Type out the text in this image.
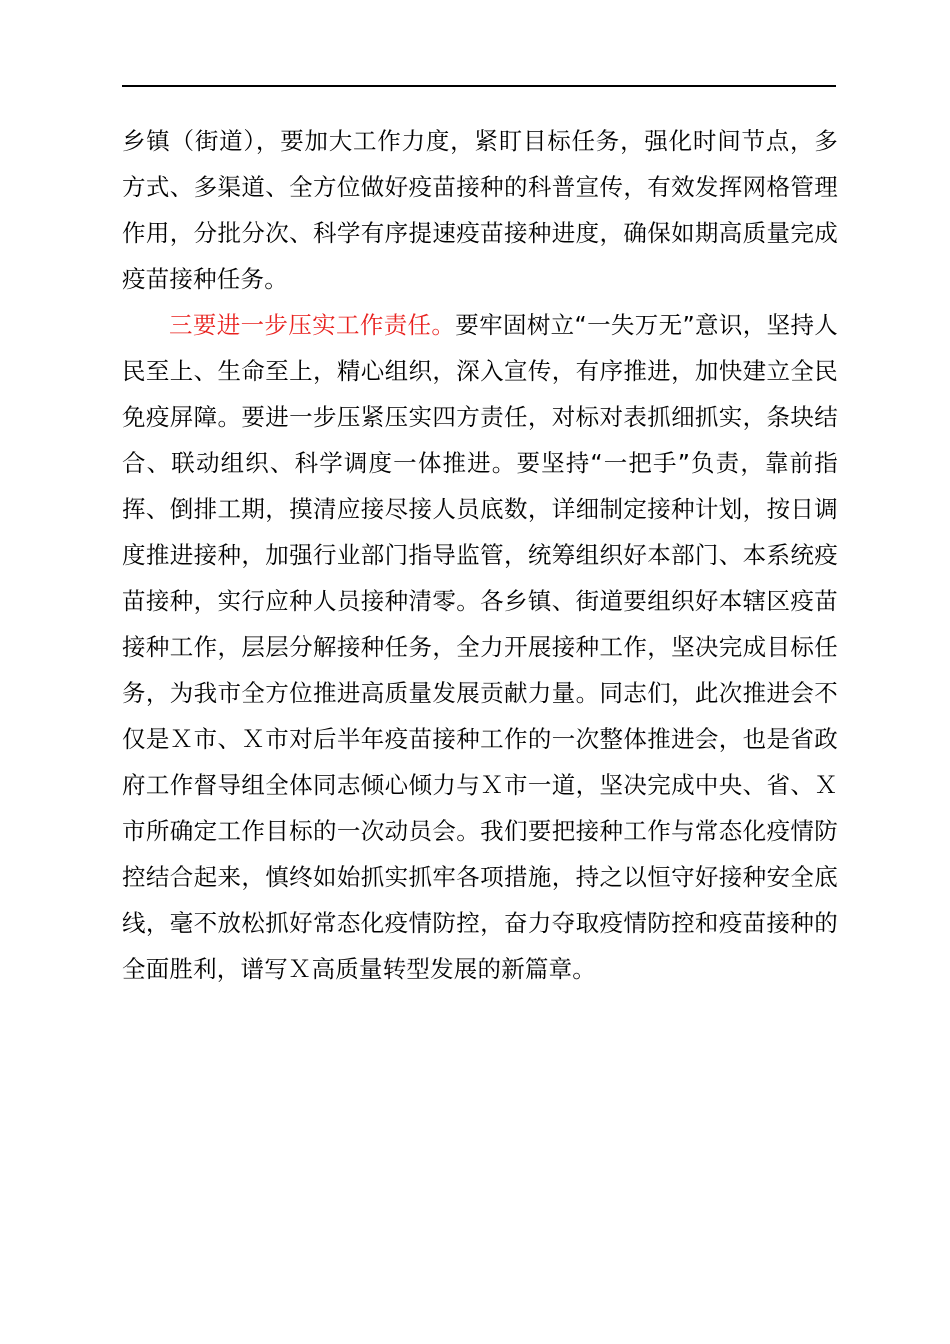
乡镇（街道），要加大工作力度，紧盯目标任务，强化时间节点，多方式、多渠道、全方位做好疫苗接种的科普宣传，有效发挥网格管理作用，分批分次、科学有序提速疫苗接种进度，确保如期高质量完成疫苗接种任务。

三要进一步压实工作责任。要牢固树立“一失万无”意识，坚持人民至上、生命至上，精心组织，深入宣传，有序推进，加快建立全民免疫屏障。要进一步压紧压实四方责任，对标对表抓细抓实，条块结合、联动组织、科学调度一体推进。要坚持“一把手”负责，靠前指挥、倒排工期，摸清应接尽接人员底数，详细制定接种计划，按日调度推进接种，加强行业部门指导监管，统筹组织好本部门、本系统疫苗接种，实行应种人员接种清零。各乡镇、街道要组织好本辖区疫苗接种工作，层层分解接种任务，全力开展接种工作，坚决完成目标任务，为我市全方位推进高质量发展贡献力量。同志们，此次推进会不仅是Ｘ市、Ｘ市对后半年疫苗接种工作的一次整体推进会，也是省政府工作督导组全体同志倾心倾力与Ｘ市一道，坚决完成中央、省、Ｘ市所确定工作目标的一次动员会。我们要把接种工作与常态化疫情防控结合起来，慎终如始抓实抓牢各项措施，持之以恒守好接种安全底线，毫不放松抓好常态化疫情防控，奋力夺取疫情防控和疫苗接种的全面胜利，谱写Ｘ高质量转型发展的新篇章。
